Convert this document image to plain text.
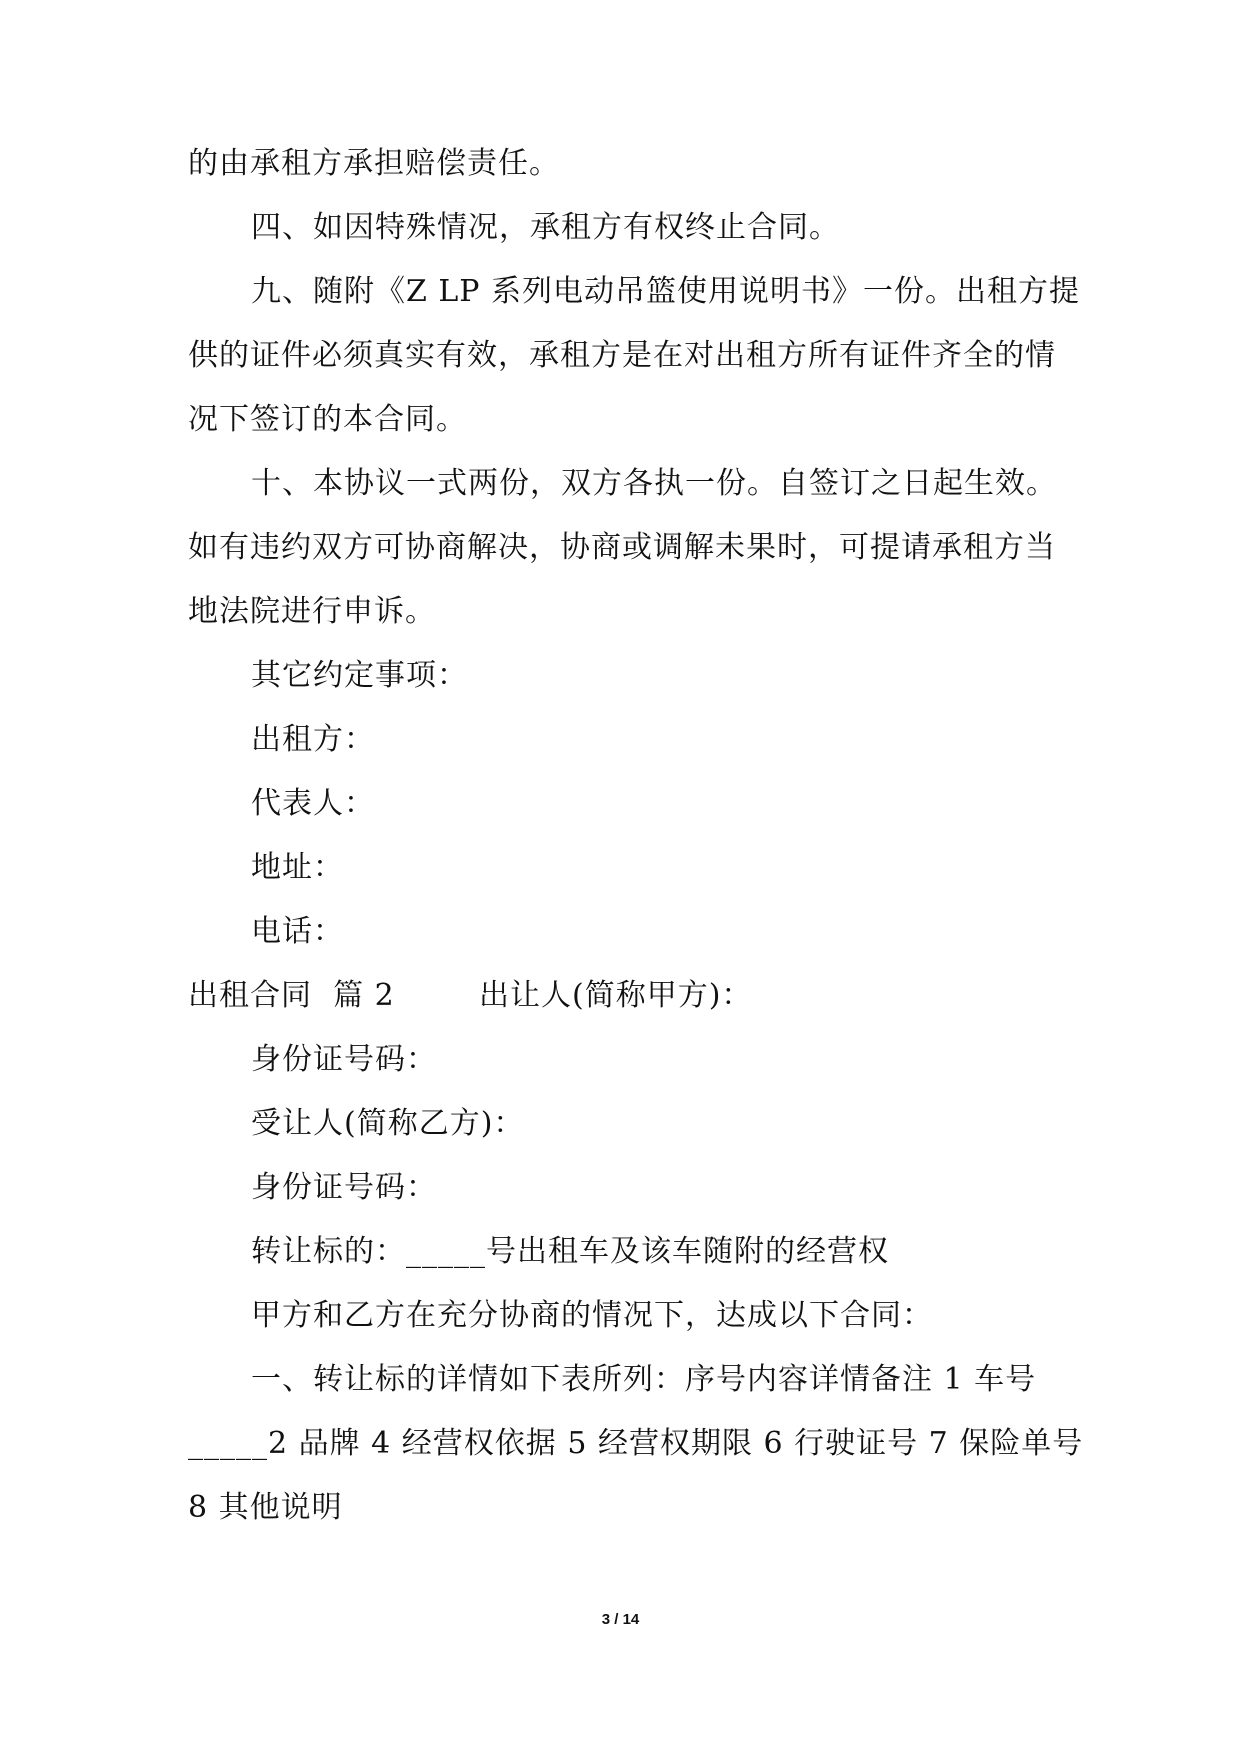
的由承租方承担赔偿责任。
四、如因特殊情况，承租方有权终止合同。
九、随附《Z LP 系列电动吊篮使用说明书》一份。出租方提
供的证件必须真实有效，承租方是在对出租方所有证件齐全的情
况下签订的本合同。
十、本协议一式两份，双方各执一份。自签订之日起生效。
如有违约双方可协商解决，协商或调解未果时，可提请承租方当
地法院进行申诉。
其它约定事项：
出租方：
代表人：
地址：
电话：
出租合同  篇 2        出让人(简称甲方)：
身份证号码：
受让人(简称乙方)：
身份证号码：
转让标的：_____号出租车及该车随附的经营权
甲方和乙方在充分协商的情况下，达成以下合同：
一、转让标的详情如下表所列：序号内容详情备注 1 车号
_____2 品牌 4 经营权依据 5 经营权期限 6 行驶证号 7 保险单号
8 其他说明
3 / 14
